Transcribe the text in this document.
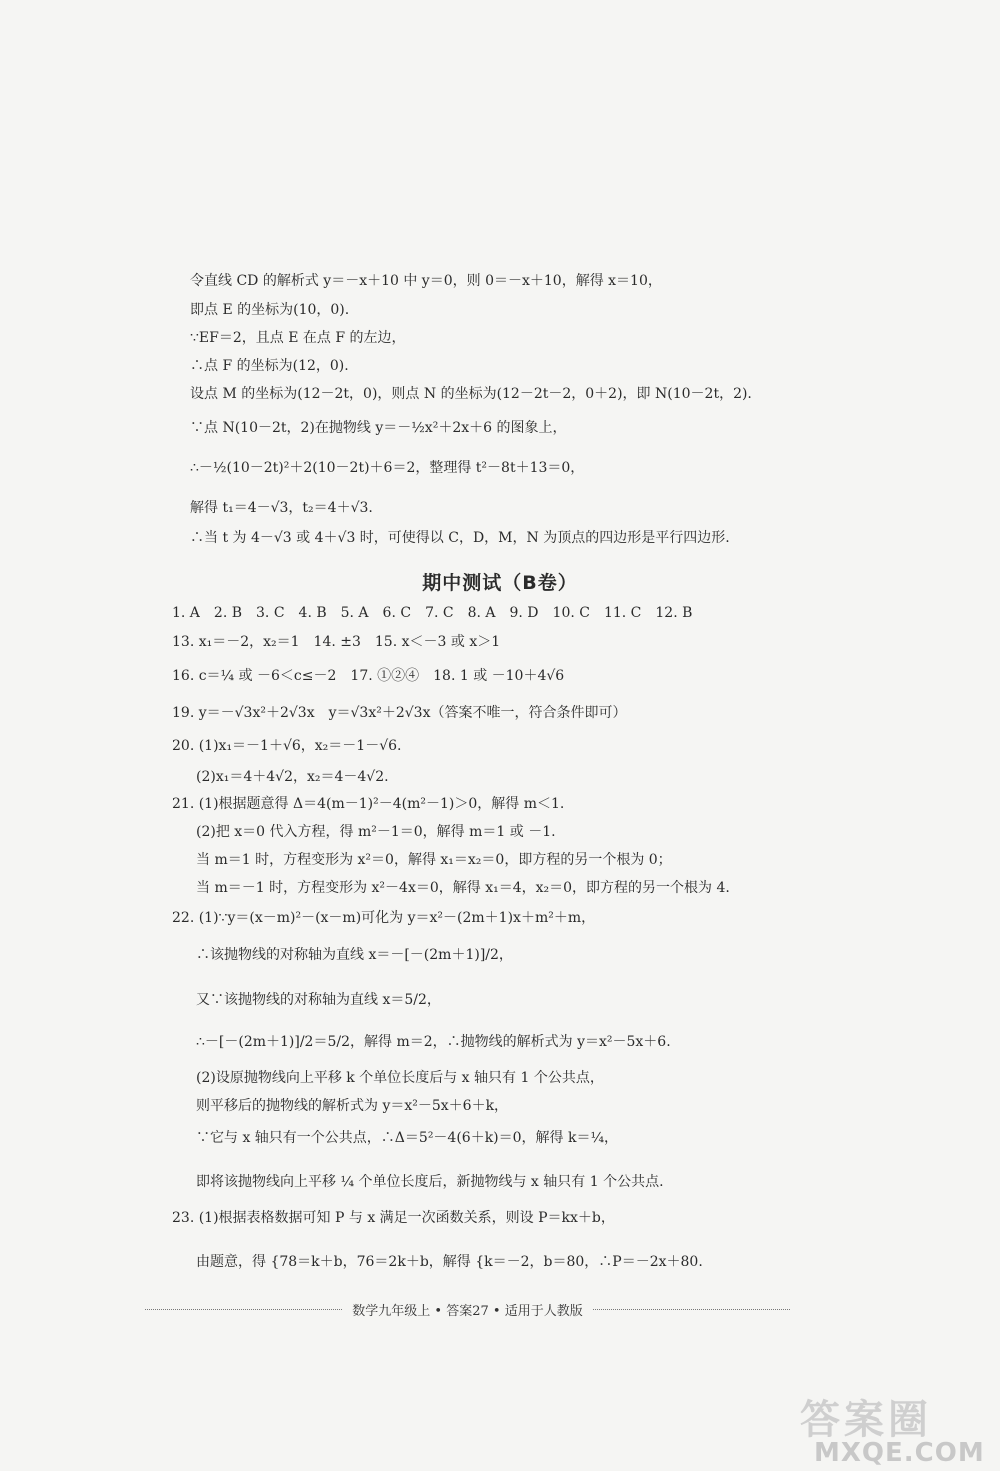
令直线 CD 的解析式 y＝－x＋10 中 y＝0，则 0＝－x＋10，解得 x＝10，
即点 E 的坐标为(10，0).
∵EF＝2，且点 E 在点 F 的左边，
∴点 F 的坐标为(12，0).
设点 M 的坐标为(12－2t，0)，则点 N 的坐标为(12－2t－2，0＋2)，即 N(10－2t，2).
∵点 N(10－2t，2)在抛物线 y＝－½x²＋2x＋6 的图象上，
∴－½(10－2t)²＋2(10－2t)＋6＝2，整理得 t²－8t＋13＝0，
解得 t₁＝4－√3，t₂＝4＋√3.
∴当 t 为 4－√3 或 4＋√3 时，可使得以 C，D，M，N 为顶点的四边形是平行四边形.
期中测试（B卷）
1. A　2. B　3. C　4. B　5. A　6. C　7. C　8. A　9. D　10. C　11. C　12. B
13. x₁＝－2，x₂＝1　14. ±3　15. x＜－3 或 x＞1
16. c＝¼ 或 －6＜c≤－2　17. ①②④　18. 1 或 －10＋4√6
19. y＝－√3x²＋2√3x　y＝√3x²＋2√3x（答案不唯一，符合条件即可）
20. (1)x₁＝－1＋√6，x₂＝－1－√6.
(2)x₁＝4＋4√2，x₂＝4－4√2.
21. (1)根据题意得 Δ＝4(m－1)²－4(m²－1)＞0，解得 m＜1.
(2)把 x＝0 代入方程，得 m²－1＝0，解得 m＝1 或 －1.
当 m＝1 时，方程变形为 x²＝0，解得 x₁＝x₂＝0，即方程的另一个根为 0；
当 m＝－1 时，方程变形为 x²－4x＝0，解得 x₁＝4，x₂＝0，即方程的另一个根为 4.
22. (1)∵y＝(x－m)²－(x－m)可化为 y＝x²－(2m＋1)x＋m²＋m，
∴该抛物线的对称轴为直线 x＝－[－(2m＋1)]/2，
又∵该抛物线的对称轴为直线 x＝5/2，
∴－[－(2m＋1)]/2＝5/2，解得 m＝2，∴抛物线的解析式为 y＝x²－5x＋6.
(2)设原抛物线向上平移 k 个单位长度后与 x 轴只有 1 个公共点，
则平移后的抛物线的解析式为 y＝x²－5x＋6＋k，
∵它与 x 轴只有一个公共点，∴Δ＝5²－4(6＋k)＝0，解得 k＝¼，
即将该抛物线向上平移 ¼ 个单位长度后，新抛物线与 x 轴只有 1 个公共点.
23. (1)根据表格数据可知 P 与 x 满足一次函数关系，则设 P＝kx＋b，
由题意，得 {78＝k＋b，76＝2k＋b，解得 {k＝－2，b＝80，∴P＝－2x＋80.
数学九年级上 • 答案27 • 适用于人教版
答案圈
MXQE.COM
